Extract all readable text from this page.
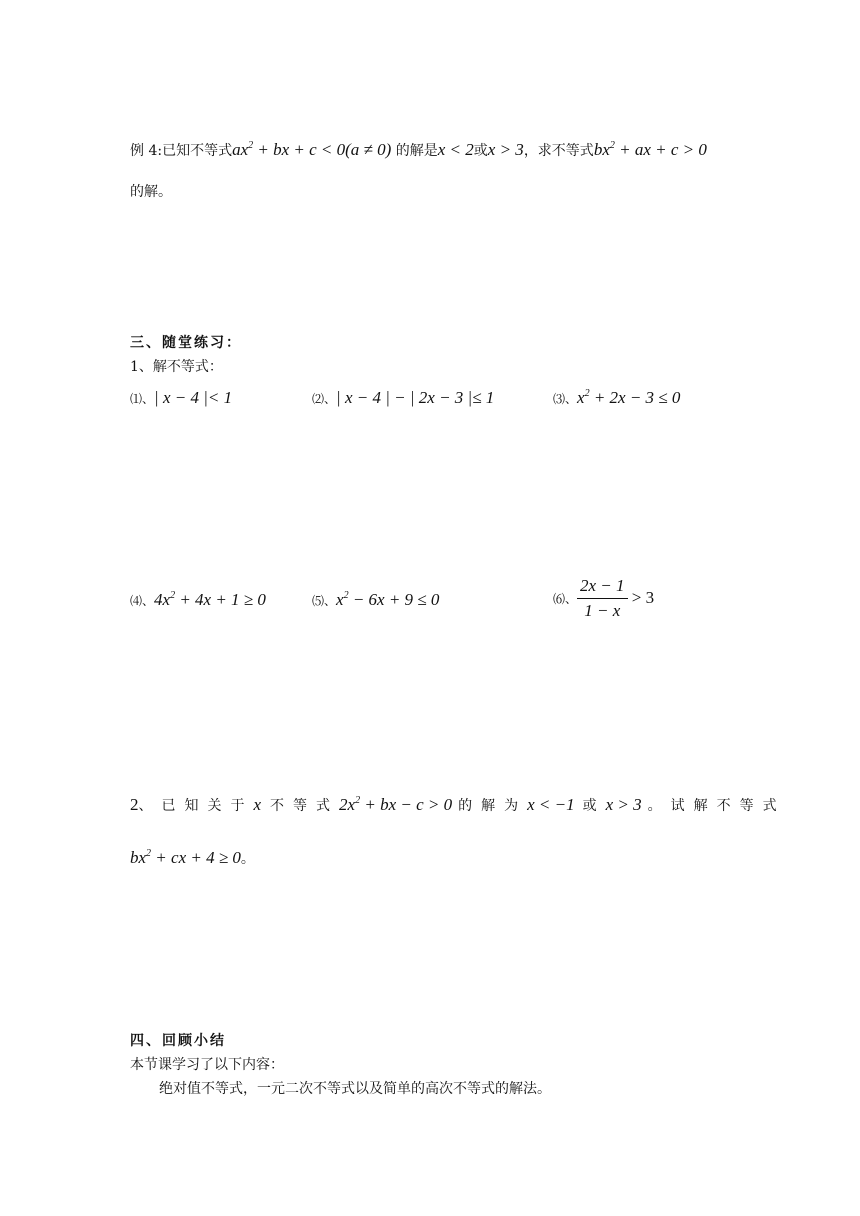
例 4:已知不等式$ax^2$ + bx + c < 0(a ≠ 0) 的解是x < 2或x > 3，求不等式$bx^2$ + ax + c > 0
的解。
三、随堂练习：
1、解不等式：
⑴、| x − 4 |< 1	⑵、| x − 4 | − | 2x − 3 |≤ 1	⑶、$x^2 + 2x - 3 \le 0$
⑷、$4x^2 + 4x + 1 \ge 0$	⑸、$x^2 - 6x + 9 \le 0$	⑹、 $\frac{2x - 1}{1 - x} > 3$
2、已知关于x 不等式$2x^2$ + bx − c > 0 的解为x < −1 或x > 3 。试解不等式
$bx^2$ + cx + 4 ≥ 0。
四、回顾小结
本节课学习了以下内容：
绝对值不等式，一元二次不等式以及简单的高次不等式的解法。
